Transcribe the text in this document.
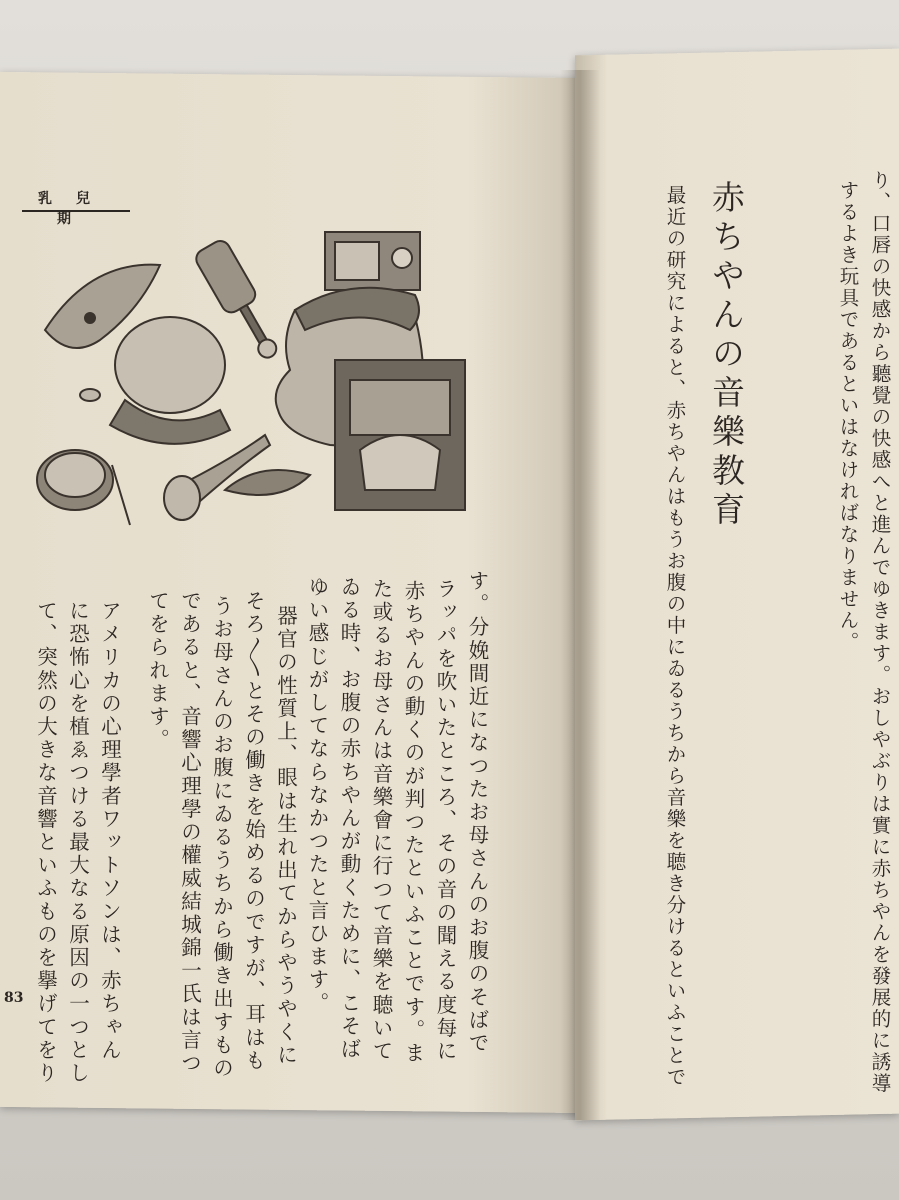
乳兒期
す。分娩間近になつたお母さんのお腹のそばで
ラッパを吹いたところ、その音の聞える度每に
赤ちやんの動くのが判つたといふことです。ま
た或るお母さんは音樂會に行つて音樂を聴いて
ゐる時、お腹の赤ちやんが動くために、こそば
ゆい感じがしてならなかつたと言ひます。
器官の性質上、眼は生れ出てからやうやくに
そろ〳〵とその働きを始めるのですが、耳はも
うお母さんのお腹にゐるうちから働き出すもの
であると、音響心理學の權威結城錦一氏は言つ
てをられます。
アメリカの心理學者ワットソンは、赤ちゃん
に恐怖心を植ゑつける最大なる原因の一つとし
て、突然の大きな音響といふものを擧げてをり
83	り、口唇の快感から聽覺の快感へと進んでゆきます。おしやぶりは實に赤ちやんを發展的に誘導
するよき玩具であるといはなければなりません。
赤ちやんの音樂教育
最近の研究によると、赤ちやんはもうお腹の中にゐるうちから音樂を聴き分けるといふことで
